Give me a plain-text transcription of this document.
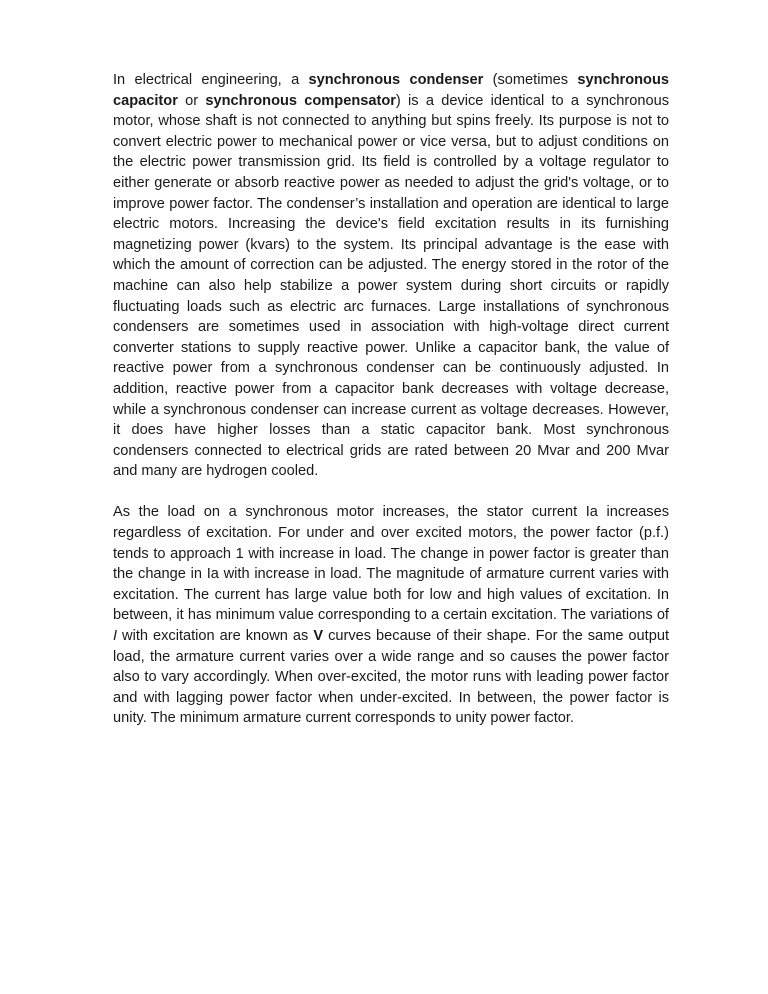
In electrical engineering, a synchronous condenser (sometimes synchronous capacitor or synchronous compensator) is a device identical to a synchronous motor, whose shaft is not connected to anything but spins freely. Its purpose is not to convert electric power to mechanical power or vice versa, but to adjust conditions on the electric power transmission grid. Its field is controlled by a voltage regulator to either generate or absorb reactive power as needed to adjust the grid's voltage, or to improve power factor. The condenser’s installation and operation are identical to large electric motors. Increasing the device's field excitation results in its furnishing magnetizing power (kvars) to the system. Its principal advantage is the ease with which the amount of correction can be adjusted. The energy stored in the rotor of the machine can also help stabilize a power system during short circuits or rapidly fluctuating loads such as electric arc furnaces. Large installations of synchronous condensers are sometimes used in association with high-voltage direct current converter stations to supply reactive power. Unlike a capacitor bank, the value of reactive power from a synchronous condenser can be continuously adjusted. In addition, reactive power from a capacitor bank decreases with voltage decrease, while a synchronous condenser can increase current as voltage decreases. However, it does have higher losses than a static capacitor bank. Most synchronous condensers connected to electrical grids are rated between 20 Mvar and 200 Mvar and many are hydrogen cooled.

As the load on a synchronous motor increases, the stator current Ia increases regardless of excitation. For under and over excited motors, the power factor (p.f.) tends to approach 1 with increase in load. The change in power factor is greater than the change in Ia with increase in load. The magnitude of armature current varies with excitation. The current has large value both for low and high values of excitation. In between, it has minimum value corresponding to a certain excitation. The variations of I with excitation are known as V curves because of their shape. For the same output load, the armature current varies over a wide range and so causes the power factor also to vary accordingly. When over-excited, the motor runs with leading power factor and with lagging power factor when under-excited. In between, the power factor is unity. The minimum armature current corresponds to unity power factor.
